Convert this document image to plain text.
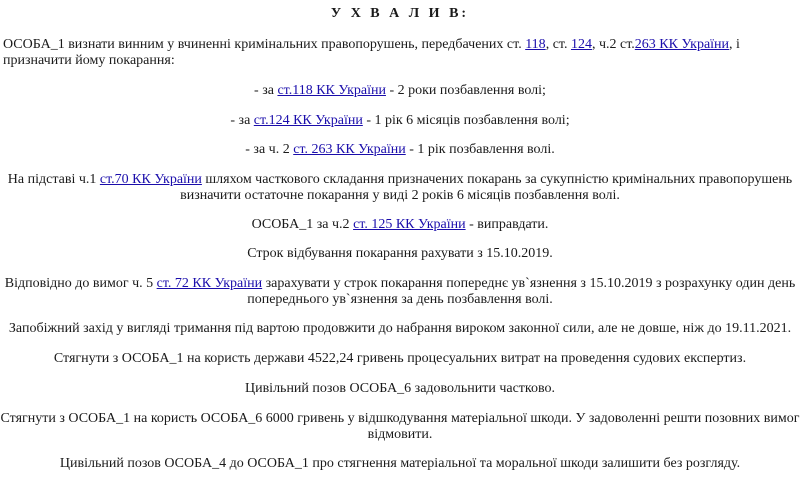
У Х В А Л И В:
ОСОБА_1 визнати винним у вчиненні кримінальних правопорушень, передбачених ст. 118, ст. 124, ч.2 ст.263 КК України, і
призначити йому покарання:
- за ст.118 КК України - 2 роки позбавлення волі;
- за ст.124 КК України - 1 рік 6 місяців позбавлення волі;
- за ч. 2 ст. 263 КК України - 1 рік позбавлення волі.
На підставі ч.1 ст.70 КК України шляхом часткового складання призначених покарань за сукупністю кримінальних правопорушень
визначити остаточне покарання у виді 2 років 6 місяців позбавлення волі.
ОСОБА_1 за ч.2 ст. 125 КК України - виправдати.
Строк відбування покарання рахувати з 15.10.2019.
Відповідно до вимог ч. 5 ст. 72 КК України зарахувати у строк покарання попереднє ув`язнення з 15.10.2019 з розрахунку один день
попереднього ув`язнення за день позбавлення волі.
Запобіжний захід у вигляді тримання під вартою продовжити до набрання вироком законної сили, але не довше, ніж до 19.11.2021.
Стягнути з ОСОБА_1 на користь держави 4522,24 гривень процесуальних витрат на проведення судових експертиз.
Цивільний позов ОСОБА_6 задовольнити частково.
Стягнути з ОСОБА_1 на користь ОСОБА_6 6000 гривень у відшкодування матеріальної шкоди. У задоволенні решти позовних вимог
відмовити.
Цивільний позов ОСОБА_4 до ОСОБА_1 про стягнення матеріальної та моральної шкоди залишити без розгляду.
